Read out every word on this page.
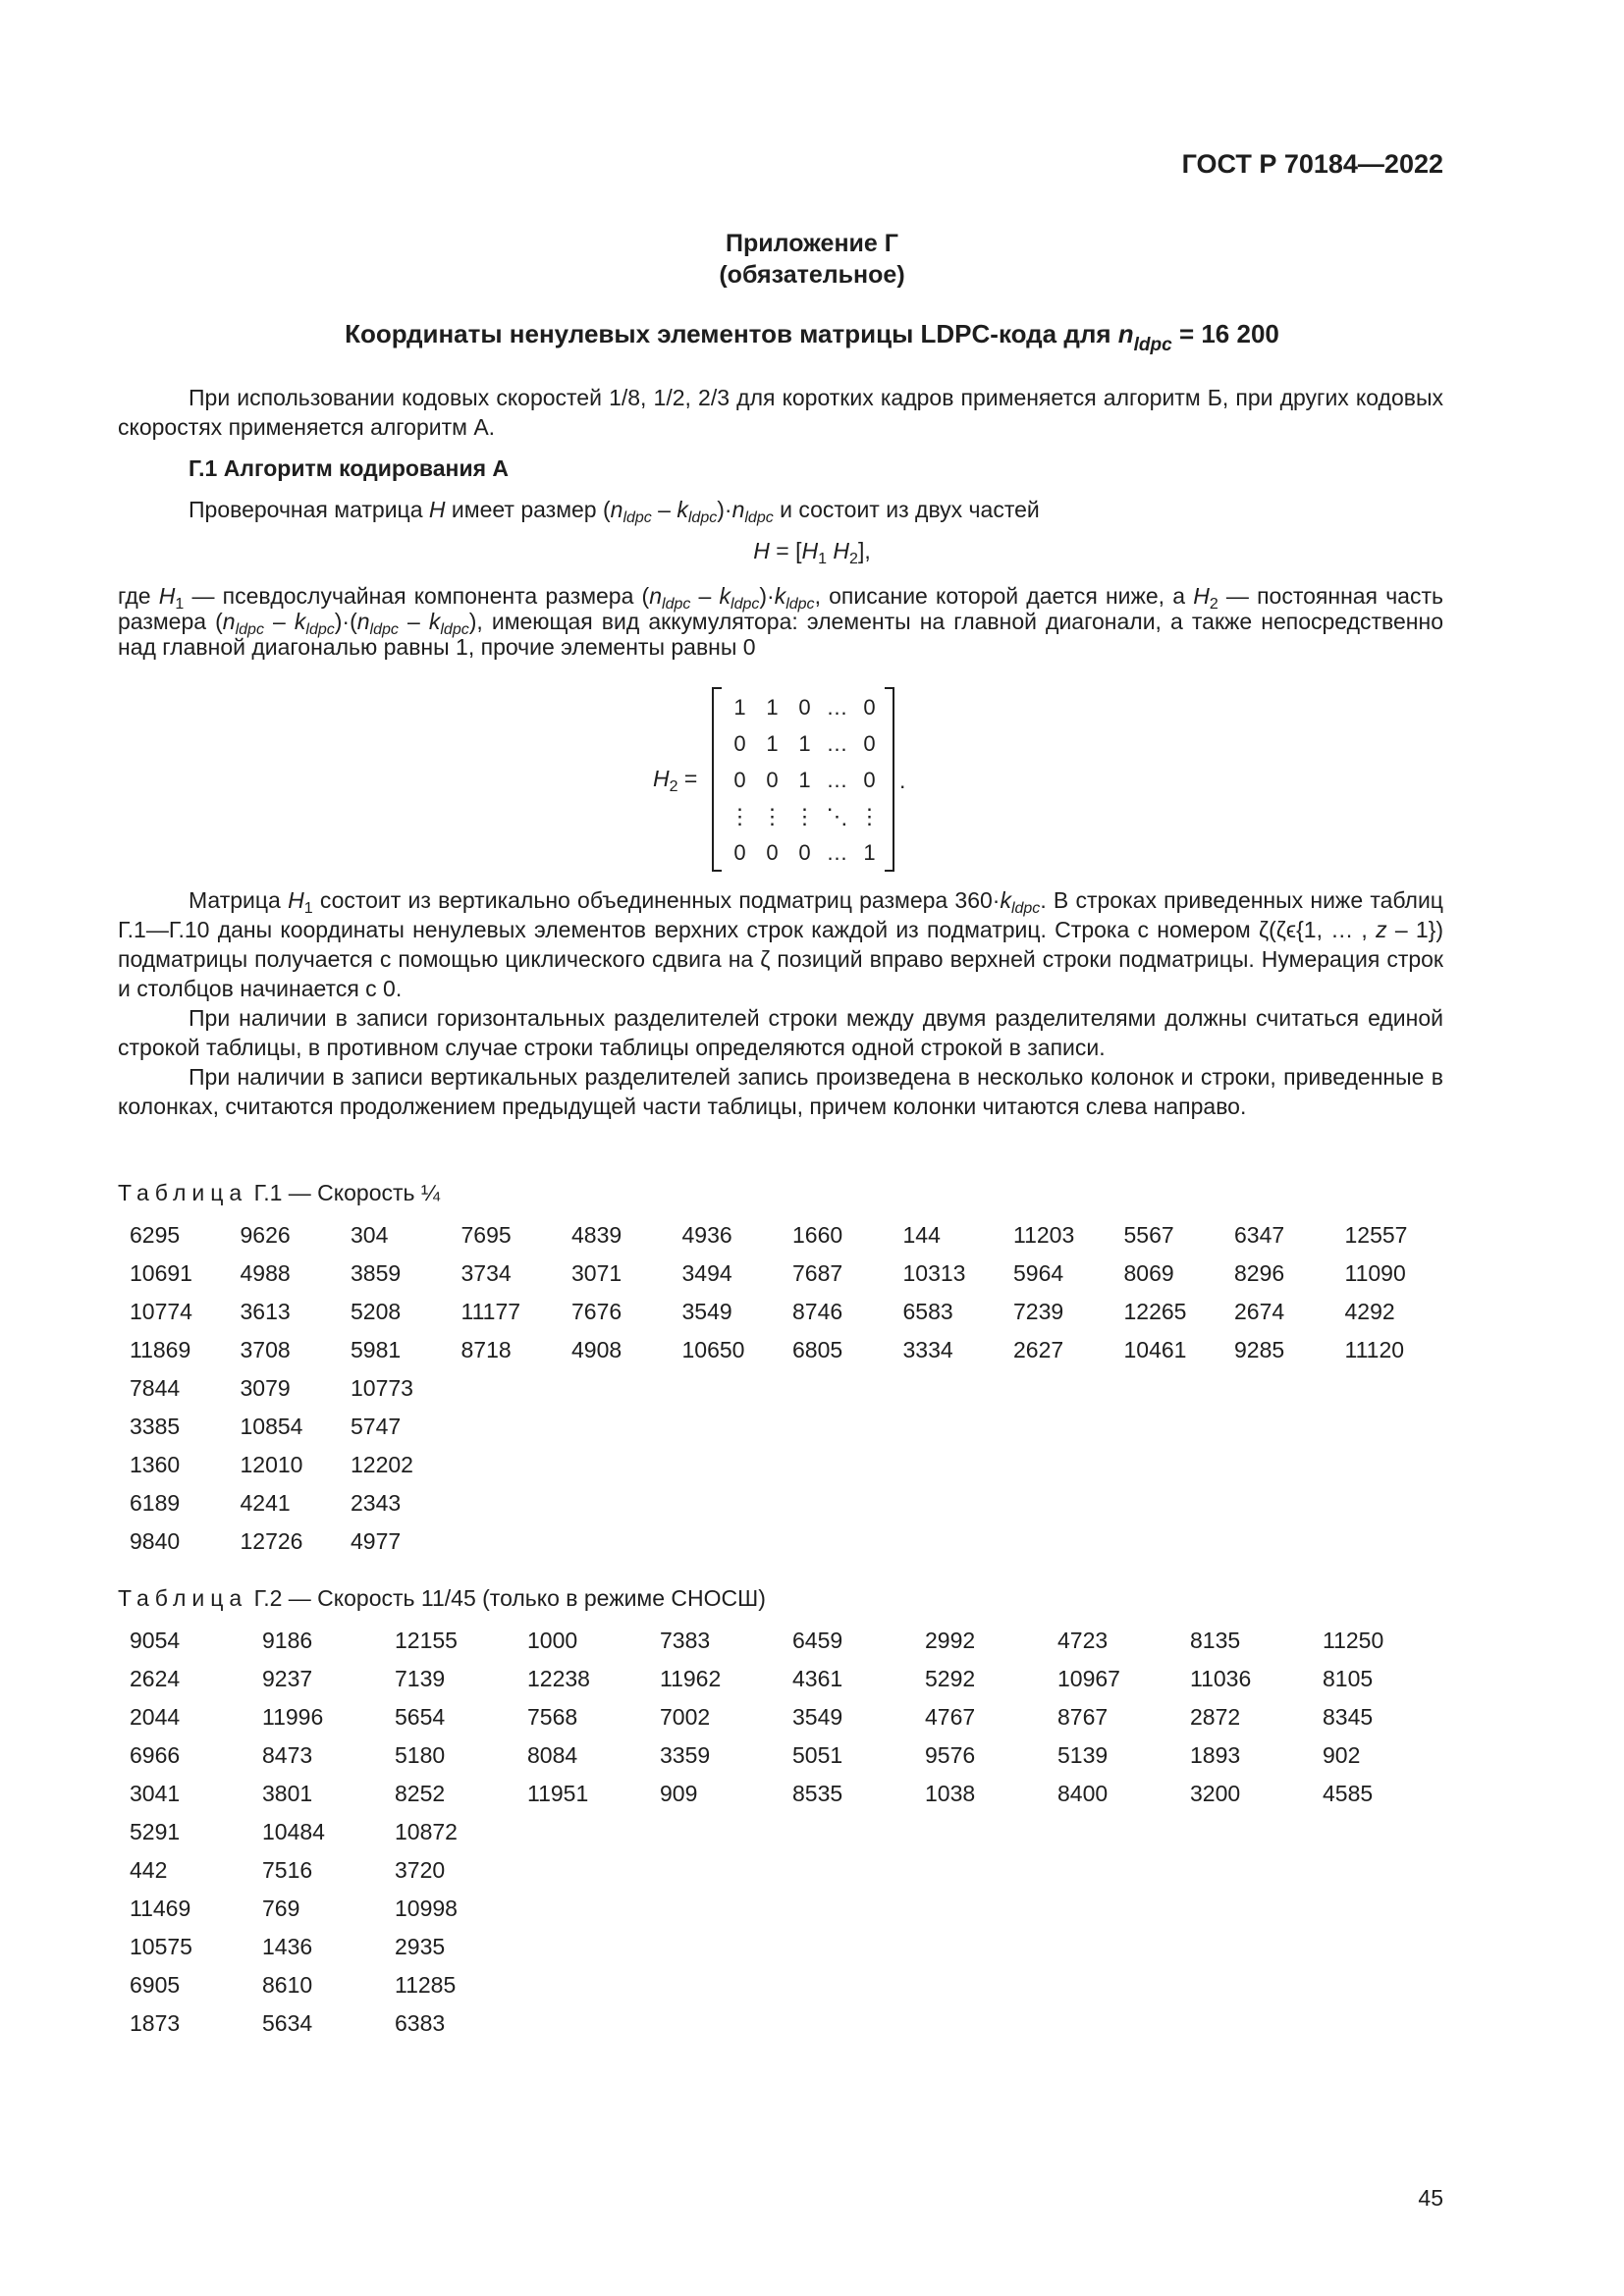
ГОСТ Р 70184—2022
Приложение Г
(обязательное)
Координаты ненулевых элементов матрицы LDPC-кода для $n_{ldpc} = 16$ 200
При использовании кодовых скоростей 1/8, 1/2, 2/3 для коротких кадров применяется алгоритм Б, при других кодовых скоростях применяется алгоритм А.
Г.1 Алгоритм кодирования А
Проверочная матрица H имеет размер $(n_{ldpc} - k_{ldpc})\cdot n_{ldpc}$ и состоит из двух частей
$H = [H_1$ $H_2$],
где $H_1$ — псевдослучайная компонента размера $(n_{ldpc} - k_{ldpc})\cdot k_{ldpc}$, описание которой дается ниже, а $H_2$ — постоянная часть размера $(n_{ldpc} - k_{ldpc})\cdot(n_{ldpc} - k_{ldpc})$, имеющая вид аккумулятора: элементы на главной диагонали, а также непосредственно над главной диагональю равны 1, прочие элементы равны 0
$H_2$ =
1 1 0 … 0
0 1 1 … 0
0 0 1 … 0
⋮ ⋮ ⋮ ⋱ ⋮
0 0 0 … 1
.
Матрица $H_1$ состоит из вертикально объединенных подматриц размера $360\cdot k_{ldpc}$. В строках приведенных ниже таблиц Г.1—Г.10 даны координаты ненулевых элементов верхних строк каждой из подматриц. Строка с номером ζ(ζϵ{1, … , z – 1}) подматрицы получается с помощью циклического сдвига на ζ позиций вправо верхней строки подматрицы. Нумерация строк и столбцов начинается с 0.
При наличии в записи горизонтальных разделителей строки между двумя разделителями должны считаться единой строкой таблицы, в противном случае строки таблицы определяются одной строкой в записи.
При наличии в записи вертикальных разделителей запись произведена в несколько колонок и строки, приведенные в колонках, считаются продолжением предыдущей части таблицы, причем колонки читаются слева направо.
Таблица Г.1 — Скорость ¼
6295	9626	304	7695	4839	4936	1660	144	11203	5567	6347	12557
10691	4988	3859	3734	3071	3494	7687	10313	5964	8069	8296	11090
10774	3613	5208	11177	7676	3549	8746	6583	7239	12265	2674	4292
11869	3708	5981	8718	4908	10650	6805	3334	2627	10461	9285	11120
7844	3079	10773
3385	10854	5747
1360	12010	12202
6189	4241	2343
9840	12726	4977
Таблица Г.2 — Скорость 11/45 (только в режиме СНОСШ)
9054	9186	12155	1000	7383	6459	2992	4723	8135	11250
2624	9237	7139	12238	11962	4361	5292	10967	11036	8105
2044	11996	5654	7568	7002	3549	4767	8767	2872	8345
6966	8473	5180	8084	3359	5051	9576	5139	1893	902
3041	3801	8252	11951	909	8535	1038	8400	3200	4585
5291	10484	10872
442	7516	3720
11469	769	10998
10575	1436	2935
6905	8610	11285
1873	5634	6383
45
